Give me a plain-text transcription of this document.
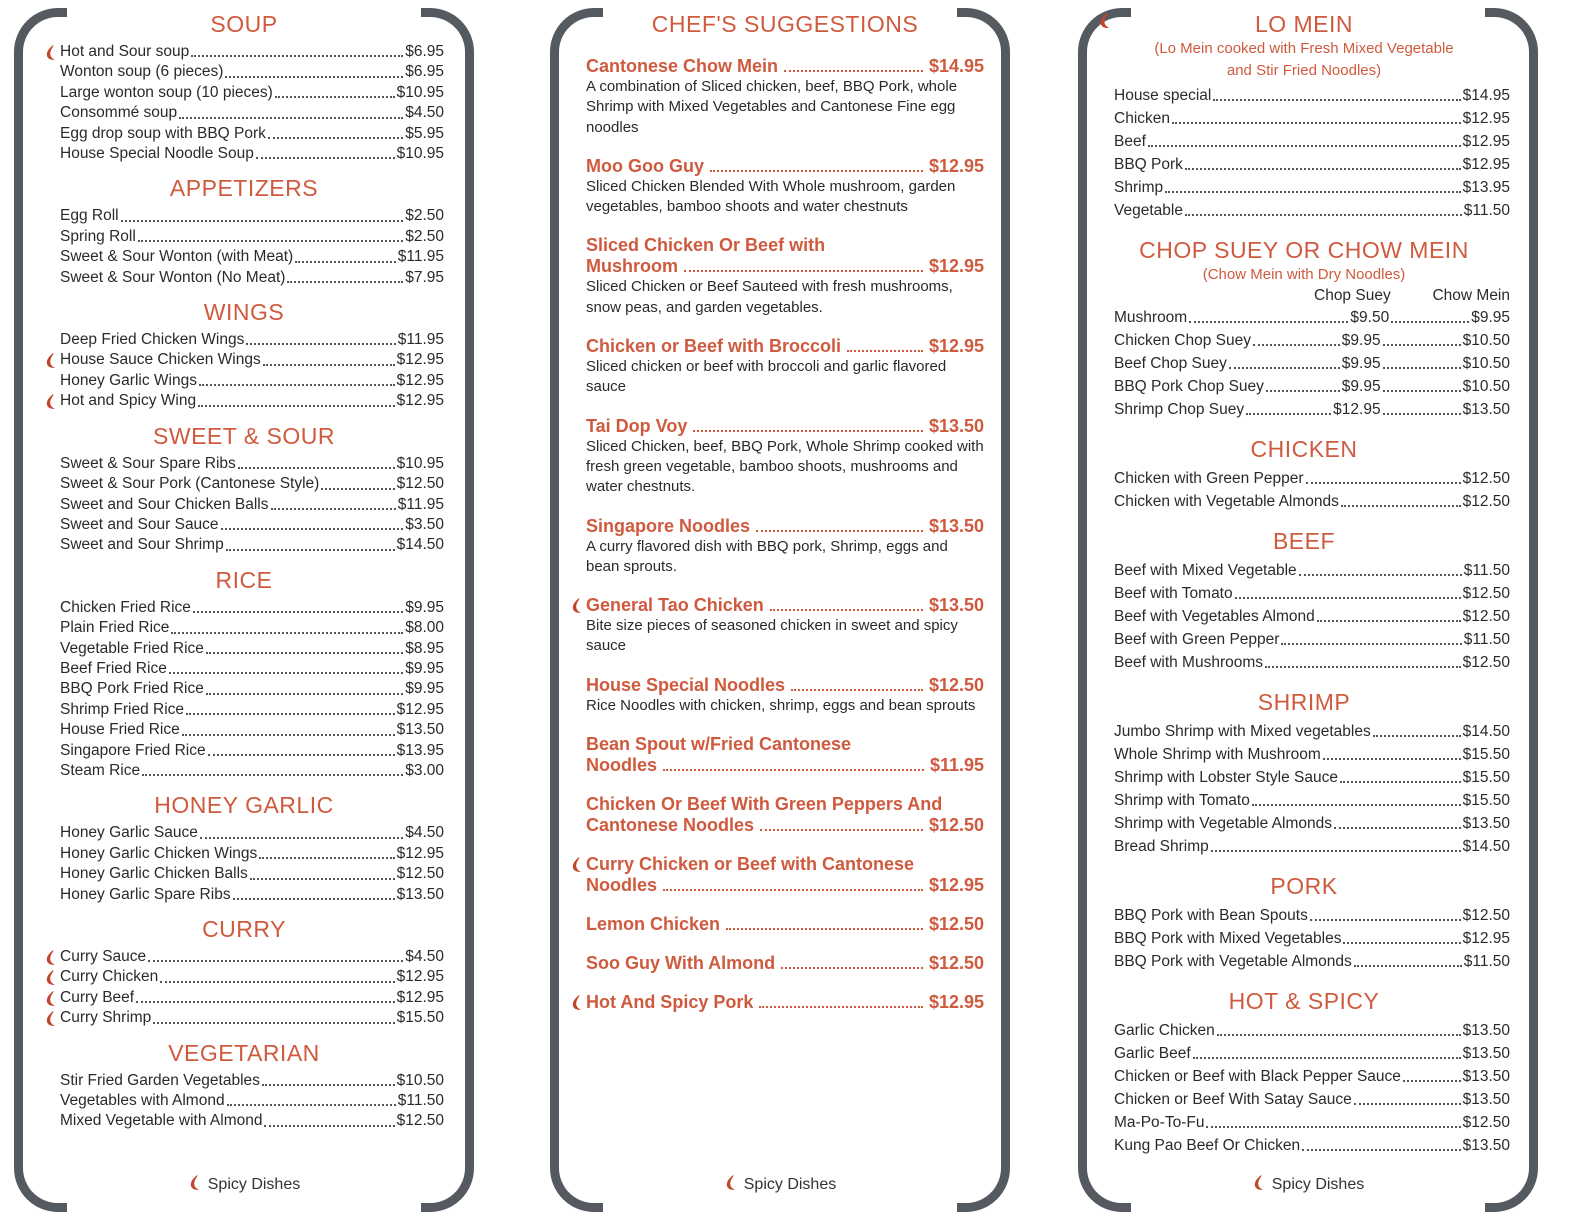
SOUP
Hot and Sour soup	$6.95
Wonton soup (6 pieces)	$6.95
Large wonton soup (10 pieces)	$10.95
Consommé soup	$4.50
Egg drop soup with BBQ Pork	$5.95
House Special Noodle Soup	$10.95
APPETIZERS
Egg Roll	$2.50
Spring Roll	$2.50
Sweet & Sour Wonton (with Meat)	$11.95
Sweet & Sour Wonton (No Meat)	$7.95
WINGS
Deep Fried Chicken Wings	$11.95
House Sauce Chicken Wings	$12.95
Honey Garlic Wings	$12.95
Hot and Spicy Wing	$12.95
SWEET & SOUR
Sweet & Sour Spare Ribs	$10.95
Sweet & Sour Pork (Cantonese Style)	$12.50
Sweet and Sour Chicken Balls	$11.95
Sweet and Sour Sauce	$3.50
Sweet and Sour Shrimp	$14.50
RICE
Chicken Fried Rice	$9.95
Plain Fried Rice	$8.00
Vegetable Fried Rice	$8.95
Beef Fried Rice	$9.95
BBQ Pork Fried Rice	$9.95
Shrimp Fried Rice	$12.95
House Fried Rice	$13.50
Singapore Fried Rice	$13.95
Steam Rice	$3.00
HONEY GARLIC
Honey Garlic Sauce	$4.50
Honey Garlic Chicken Wings	$12.95
Honey Garlic Chicken Balls	$12.50
Honey Garlic Spare Ribs	$13.50
CURRY
Curry Sauce	$4.50
Curry Chicken	$12.95
Curry Beef	$12.95
Curry Shrimp	$15.50
VEGETARIAN
Stir Fried Garden Vegetables	$10.50
Vegetables with Almond	$11.50
Mixed Vegetable with Almond	$12.50
Spicy Dishes
CHEF'S SUGGESTIONS
Cantonese Chow Mein	$14.95
A combination of Sliced chicken, beef, BBQ Pork, whole Shrimp with Mixed Vegetables and Cantonese Fine egg noodles
Moo Goo Guy	$12.95
Sliced Chicken Blended With Whole mushroom, garden vegetables, bamboo shoots and water chestnuts
Sliced Chicken Or Beef with
Mushroom	$12.95
Sliced Chicken or Beef Sauteed with fresh mushrooms, snow peas, and garden vegetables.
Chicken or Beef with Broccoli	$12.95
Sliced chicken or beef with broccoli and garlic flavored sauce
Tai Dop Voy	$13.50
Sliced Chicken, beef, BBQ Pork, Whole Shrimp cooked with fresh green vegetable, bamboo shoots, mushrooms and water chestnuts.
Singapore Noodles	$13.50
A curry flavored dish with BBQ pork, Shrimp, eggs and bean sprouts.
General Tao Chicken	$13.50
Bite size pieces of seasoned chicken in sweet and spicy sauce
House Special Noodles	$12.50
Rice Noodles with chicken, shrimp, eggs and bean sprouts
Bean Spout w/Fried Cantonese
Noodles	$11.95
Chicken Or Beef With Green Peppers And
Cantonese Noodles	$12.50
Curry Chicken or Beef with Cantonese
Noodles	$12.95
Lemon Chicken	$12.50
Soo Guy With Almond	$12.50
Hot And Spicy Pork	$12.95
Spicy Dishes
LO MEIN
(Lo Mein cooked with Fresh Mixed Vegetable
and Stir Fried Noodles)
House special	$14.95
Chicken	$12.95
Beef	$12.95
BBQ Pork	$12.95
Shrimp	$13.95
Vegetable	$11.50
CHOP SUEY OR CHOW MEIN
(Chow Mein with Dry Noodles)
Chop Suey	Chow Mein
Mushroom	$9.50	$9.95
Chicken Chop Suey	$9.95	$10.50
Beef Chop Suey	$9.95	$10.50
BBQ Pork Chop Suey	$9.95	$10.50
Shrimp Chop Suey	$12.95	$13.50
CHICKEN
Chicken with Green Pepper	$12.50
Chicken with Vegetable Almonds	$12.50
BEEF
Beef with Mixed Vegetable	$11.50
Beef with Tomato	$12.50
Beef with Vegetables Almond	$12.50
Beef with Green Pepper	$11.50
Beef with Mushrooms	$12.50
SHRIMP
Jumbo Shrimp with Mixed vegetables	$14.50
Whole Shrimp with Mushroom	$15.50
Shrimp with Lobster Style Sauce	$15.50
Shrimp with Tomato	$15.50
Shrimp with Vegetable Almonds	$13.50
Bread Shrimp	$14.50
PORK
BBQ Pork with Bean Spouts	$12.50
BBQ Pork with Mixed Vegetables	$12.95
BBQ Pork with Vegetable Almonds	$11.50
HOT & SPICY
Garlic Chicken	$13.50
Garlic Beef	$13.50
Chicken or Beef with Black Pepper Sauce	$13.50
Chicken or Beef With Satay Sauce	$13.50
Ma-Po-To-Fu	$12.50
Kung Pao Beef Or Chicken	$13.50
Spicy Dishes
